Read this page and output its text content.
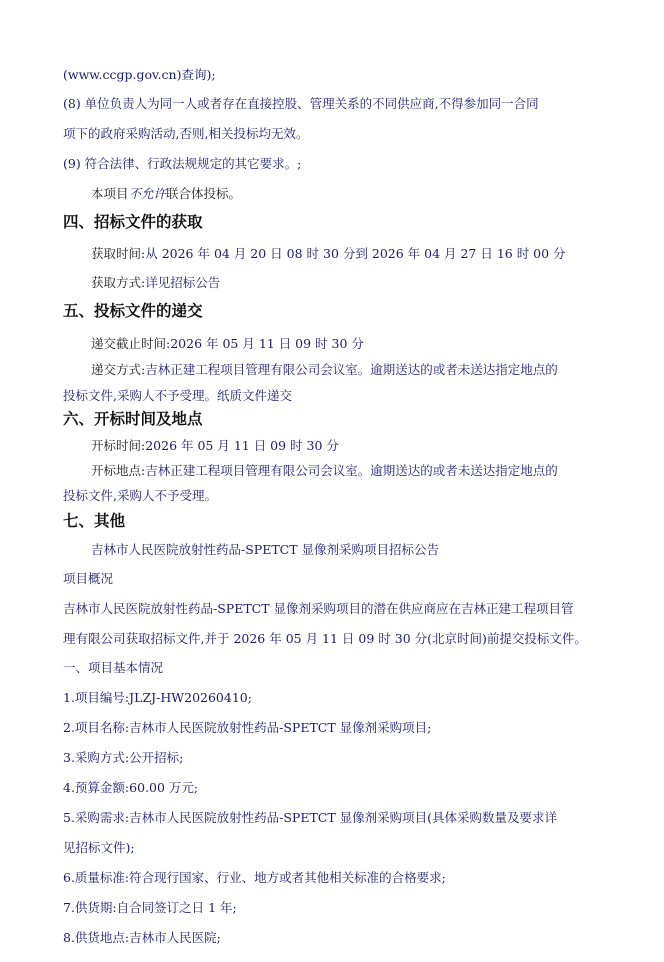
(www.ccgp.gov.cn)查询);
(8) 单位负责人为同一人或者存在直接控股、管理关系的不同供应商,不得参加同一合同
项下的政府采购活动,否则,相关投标均无效。
(9) 符合法律、行政法规规定的其它要求。;
本项目不允许联合体投标。
四、招标文件的获取
获取时间:从 2026 年 04 月 20 日 08 时 30 分到 2026 年 04 月 27 日 16 时 00 分
获取方式:详见招标公告
五、投标文件的递交
递交截止时间:2026 年 05 月 11 日 09 时 30 分
递交方式:吉林正建工程项目管理有限公司会议室。逾期送达的或者未送达指定地点的
投标文件,采购人不予受理。纸质文件递交
六、开标时间及地点
开标时间:2026 年 05 月 11 日 09 时 30 分
开标地点:吉林正建工程项目管理有限公司会议室。逾期送达的或者未送达指定地点的
投标文件,采购人不予受理。
七、其他
吉林市人民医院放射性药品-SPETCT 显像剂采购项目招标公告
项目概况
吉林市人民医院放射性药品-SPETCT 显像剂采购项目的潜在供应商应在吉林正建工程项目管
理有限公司获取招标文件,并于 2026 年 05 月 11 日 09 时 30 分(北京时间)前提交投标文件。
一、项目基本情况
1.项目编号:JLZJ-HW20260410;
2.项目名称:吉林市人民医院放射性药品-SPETCT 显像剂采购项目;
3.采购方式:公开招标;
4.预算金额:60.00 万元;
5.采购需求:吉林市人民医院放射性药品-SPETCT 显像剂采购项目(具体采购数量及要求详
见招标文件);
6.质量标准:符合现行国家、行业、地方或者其他相关标准的合格要求;
7.供货期:自合同签订之日 1 年;
8.供货地点:吉林市人民医院;
